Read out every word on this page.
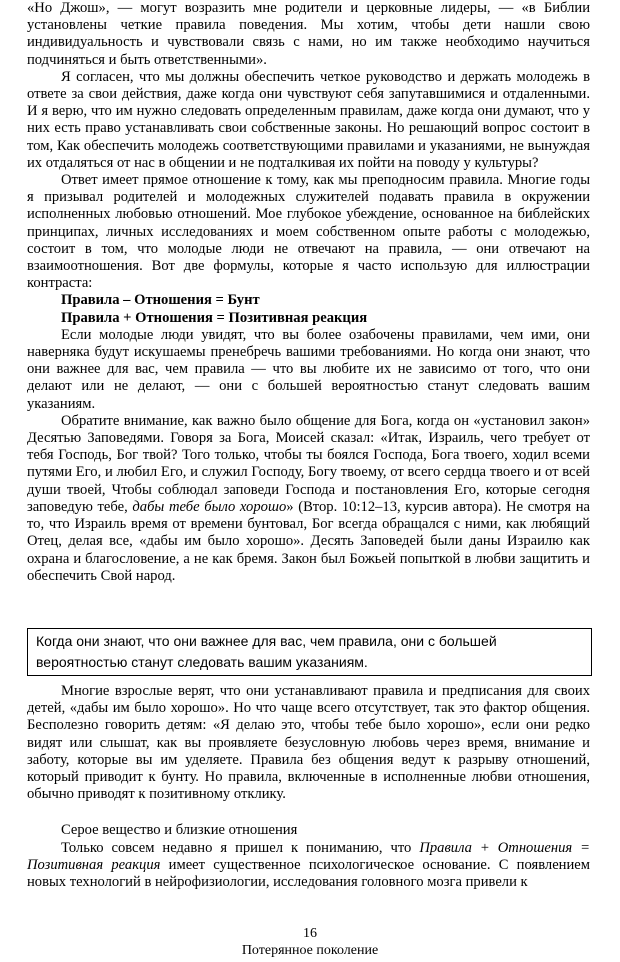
«Но Джош», — могут возразить мне родители и церковные лидеры, — «в Библии установлены четкие правила поведения. Мы хотим, чтобы дети нашли свою индивидуальность и чувствовали связь с нами, но им также необходимо научиться подчиняться и быть ответственными».

Я согласен, что мы должны обеспечить четкое руководство и держать молодежь в ответе за свои действия, даже когда они чувствуют себя запутавшимися и отдаленными. И я верю, что им нужно следовать определенным правилам, даже когда они думают, что у них есть право устанавливать свои собственные законы. Но решающий вопрос состоит в том, Как обеспечить молодежь соответствующими правилами и указаниями, не вынуждая их отдаляться от нас в общении и не подталкивая их пойти на поводу у культуры?

Ответ имеет прямое отношение к тому, как мы преподносим правила. Многие годы я призывал родителей и молодежных служителей подавать правила в окружении исполненных любовью отношений. Мое глубокое убеждение, основанное на библейских принципах, личных исследованиях и моем собственном опыте работы с молодежью, состоит в том, что молодые люди не отвечают на правила, — они отвечают на взаимоотношения. Вот две формулы, которые я часто использую для иллюстрации контраста:

Правила – Отношения = Бунт

Правила + Отношения = Позитивная реакция

Если молодые люди увидят, что вы более озабочены правилами, чем ими, они наверняка будут искушаемы пренебречь вашими требованиями. Но когда они знают, что они важнее для вас, чем правила — что вы любите их не зависимо от того, что они делают или не делают, — они с большей вероятностью станут следовать вашим указаниям.

Обратите внимание, как важно было общение для Бога, когда он «установил закон» Десятью Заповедями. Говоря за Бога, Моисей сказал: «Итак, Израиль, чего требует от тебя Господь, Бог твой? Того только, чтобы ты боялся Господа, Бога твоего, ходил всеми путями Его, и любил Его, и служил Господу, Богу твоему, от всего сердца твоего и от всей души твоей, Чтобы соблюдал заповеди Господа и постановления Его, которые сегодня заповедую тебе, дабы тебе было хорошо» (Втор. 10:12–13, курсив автора). Не смотря на то, что Израиль время от времени бунтовал, Бог всегда обращался с ними, как любящий Отец, делая все, «дабы им было хорошо». Десять Заповедей были даны Израилю как охрана и благословение, а не как бремя. Закон был Божьей попыткой в любви защитить и обеспечить Свой народ.

Когда они знают, что они важнее для вас, чем правила, они с большей вероятностью станут следовать вашим указаниям.

Многие взрослые верят, что они устанавливают правила и предписания для своих детей, «дабы им было хорошо». Но что чаще всего отсутствует, так это фактор общения. Бесполезно говорить детям: «Я делаю это, чтобы тебе было хорошо», если они редко видят или слышат, как вы проявляете безусловную любовь через время, внимание и заботу, которые вы им уделяете. Правила без общения ведут к разрыву отношений, который приводит к бунту. Но правила, включенные в исполненные любви отношения, обычно приводят к позитивному отклику.

Серое вещество и близкие отношения

Только совсем недавно я пришел к пониманию, что Правила + Отношения = Позитивная реакция имеет существенное психологическое основание. С появлением новых технологий в нейрофизиологии, исследования головного мозга привели к

16
Потерянное поколение
